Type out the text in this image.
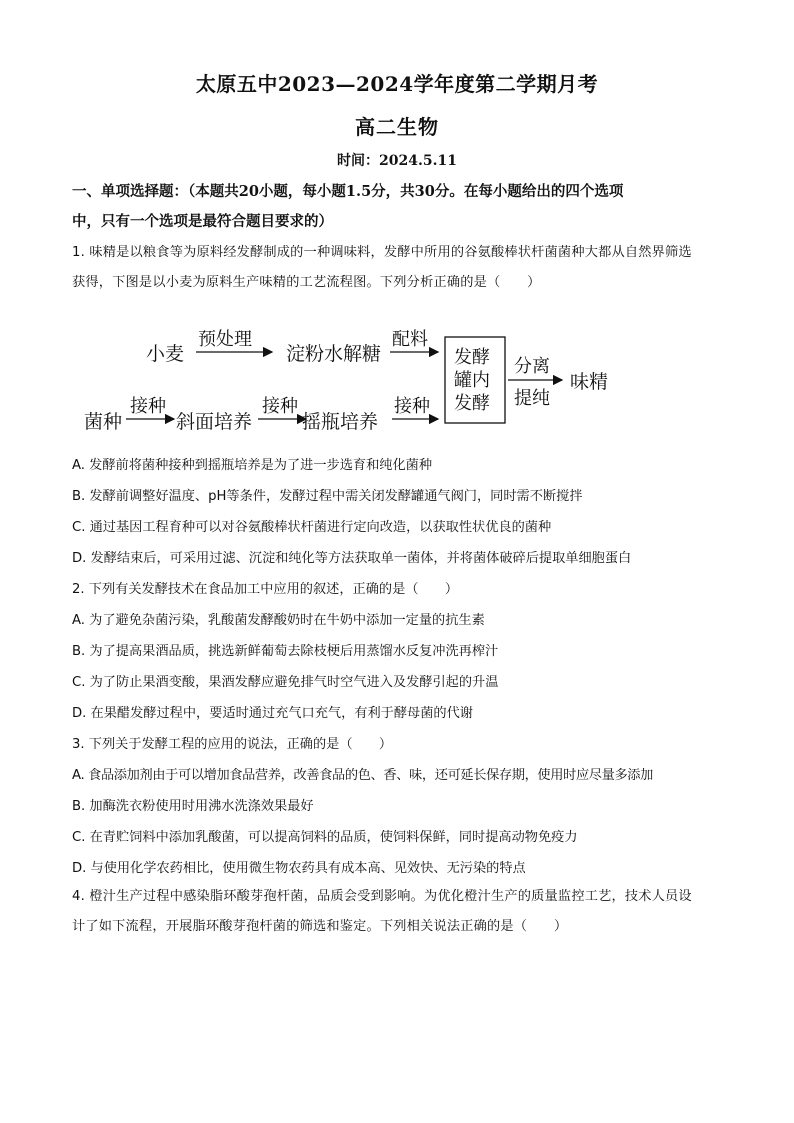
太原五中2023—2024学年度第二学期月考
高二生物
时间：2024.5.11
一、单项选择题：（本题共20小题，每小题1.5分，共30分。在每小题给出的四个选项
中，只有一个选项是最符合题目要求的）
1. 味精是以粮食等为原料经发酵制成的一种调味料，发酵中所用的谷氨酸棒状杆菌菌种大都从自然界筛选
获得，下图是以小麦为原料生产味精的工艺流程图。下列分析正确的是（　　）
小麦
预处理
淀粉水解糖
配料
发酵
罐内
发酵
分离
提纯
味精
菌种
接种
斜面培养
接种
摇瓶培养
接种
A. 发酵前将菌种接种到摇瓶培养是为了进一步选育和纯化菌种
B. 发酵前调整好温度、pH等条件，发酵过程中需关闭发酵罐通气阀门，同时需不断搅拌
C. 通过基因工程育种可以对谷氨酸棒状杆菌进行定向改造，以获取性状优良的菌种
D. 发酵结束后，可采用过滤、沉淀和纯化等方法获取单一菌体，并将菌体破碎后提取单细胞蛋白
2. 下列有关发酵技术在食品加工中应用的叙述，正确的是（　　）
A. 为了避免杂菌污染，乳酸菌发酵酸奶时在牛奶中添加一定量的抗生素
B. 为了提高果酒品质，挑选新鲜葡萄去除枝梗后用蒸馏水反复冲洗再榨汁
C. 为了防止果酒变酸，果酒发酵应避免排气时空气进入及发酵引起的升温
D. 在果醋发酵过程中，要适时通过充气口充气，有利于酵母菌的代谢
3. 下列关于发酵工程的应用的说法，正确的是（　　）
A. 食品添加剂由于可以增加食品营养，改善食品的色、香、味，还可延长保存期，使用时应尽量多添加
B. 加酶洗衣粉使用时用沸水洗涤效果最好
C. 在青贮饲料中添加乳酸菌，可以提高饲料的品质，使饲料保鲜，同时提高动物免疫力
D. 与使用化学农药相比，使用微生物农药具有成本高、见效快、无污染的特点
4. 橙汁生产过程中感染脂环酸芽孢杆菌，品质会受到影响。为优化橙汁生产的质量监控工艺，技术人员设
计了如下流程，开展脂环酸芽孢杆菌的筛选和鉴定。下列相关说法正确的是（　　）
